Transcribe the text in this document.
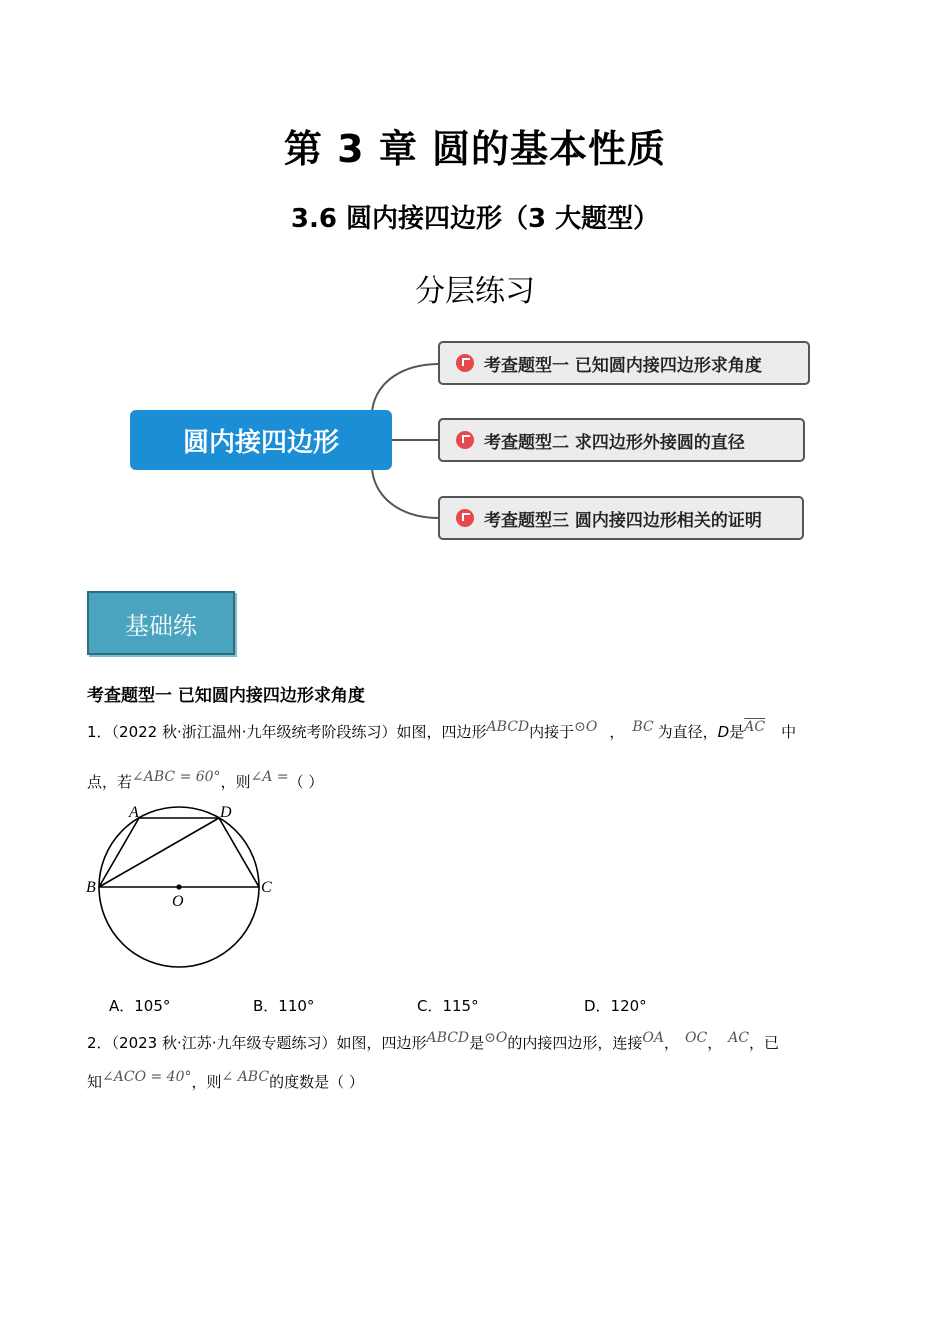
第 3 章 圆的基本性质
3.6 圆内接四边形（3 大题型）
分层练习
圆内接四边形
考查题型一 已知圆内接四边形求角度
考查题型二 求四边形外接圆的直径
考查题型三 圆内接四边形相关的证明
基础练
考查题型一 已知圆内接四边形求角度
1．（2022 秋·浙江温州·九年级统考阶段练习）如图，四边形ABCD内接于⊙O ， BC 为直径，D是$\overline{AC}$ 中
点，若∠ABC = 60°，则∠A =（ ）
A	D
B
O
C
A．105°	B．110°	C．115°	D．120°
2．（2023 秋·江苏·九年级专题练习）如图，四边形ABCD是⊙O的内接四边形，连接OA， OC， AC，已
知∠ACO = 40°，则∠ ABC的度数是（ ）
